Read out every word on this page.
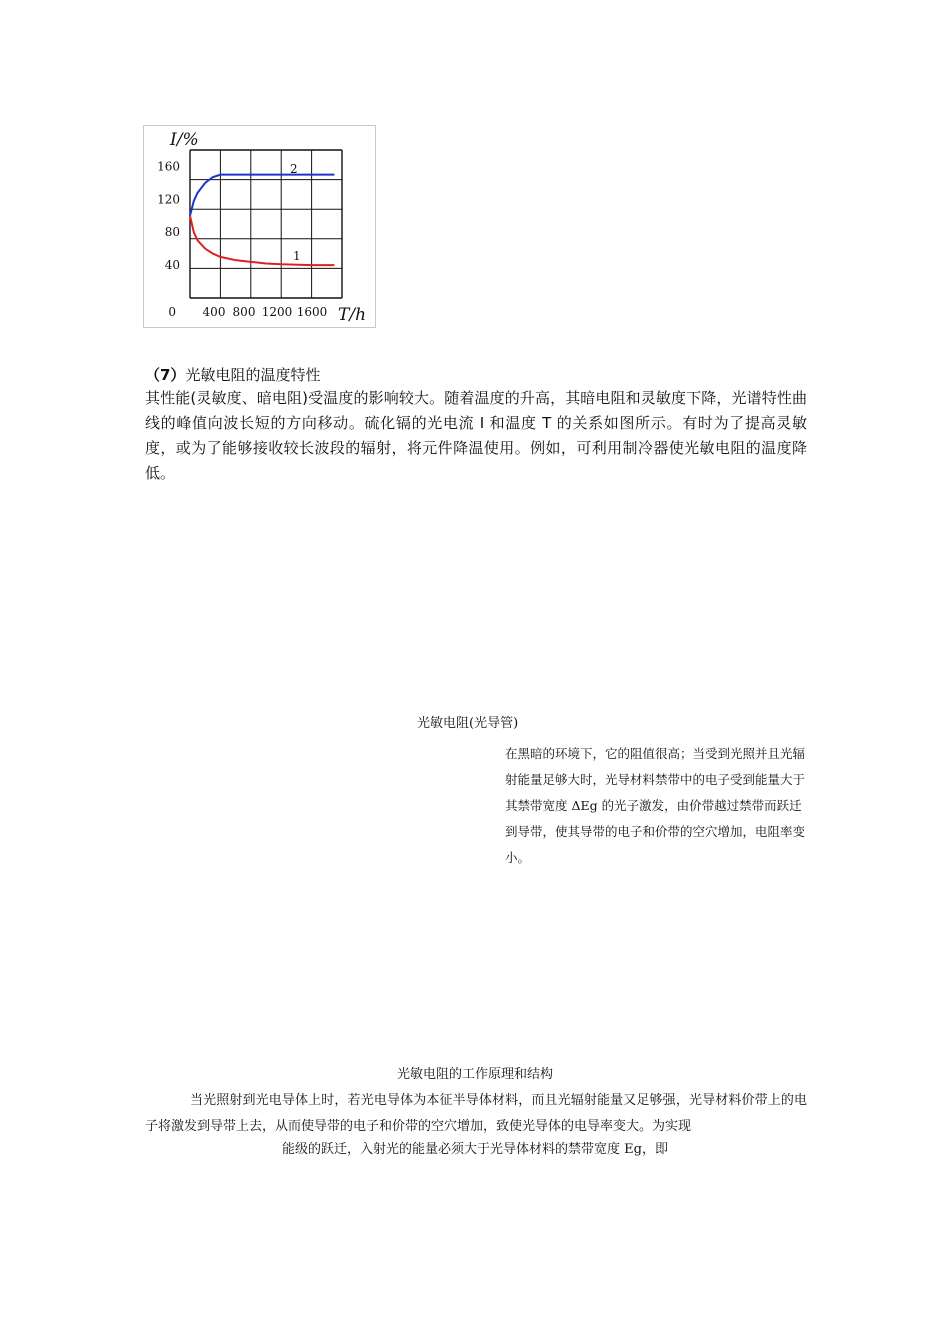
160
120
80
40
0 400 800 1200 1600
I/%
T/h
2
1
（7）光敏电阻的温度特性
其性能(灵敏度、暗电阻)受温度的影响较大。随着温度的升高，其暗电阻和灵敏度下降，光谱特性曲线的峰值向波长短的方向移动。硫化镉的光电流 I 和温度 T 的关系如图所示。有时为了提高灵敏度，或为了能够接收较长波段的辐射，将元件降温使用。例如，可利用制冷器使光敏电阻的温度降低。
光敏电阻(光导管)
在黑暗的环境下，它的阻值很高；当受到光照并且光辐射能量足够大时，光导材料禁带中的电子受到能量大于其禁带宽度 ΔEg 的光子激发，由价带越过禁带而跃迁到导带，使其导带的电子和价带的空穴增加，电阻率变小。
光敏电阻的工作原理和结构
当光照射到光电导体上时，若光电导体为本征半导体材料，而且光辐射能量又足够强，光导材料价带上的电子将激发到导带上去，从而使导带的电子和价带的空穴增加，致使光导体的电导率变大。为实现
能级的跃迁，入射光的能量必须大于光导体材料的禁带宽度 Eg，即
